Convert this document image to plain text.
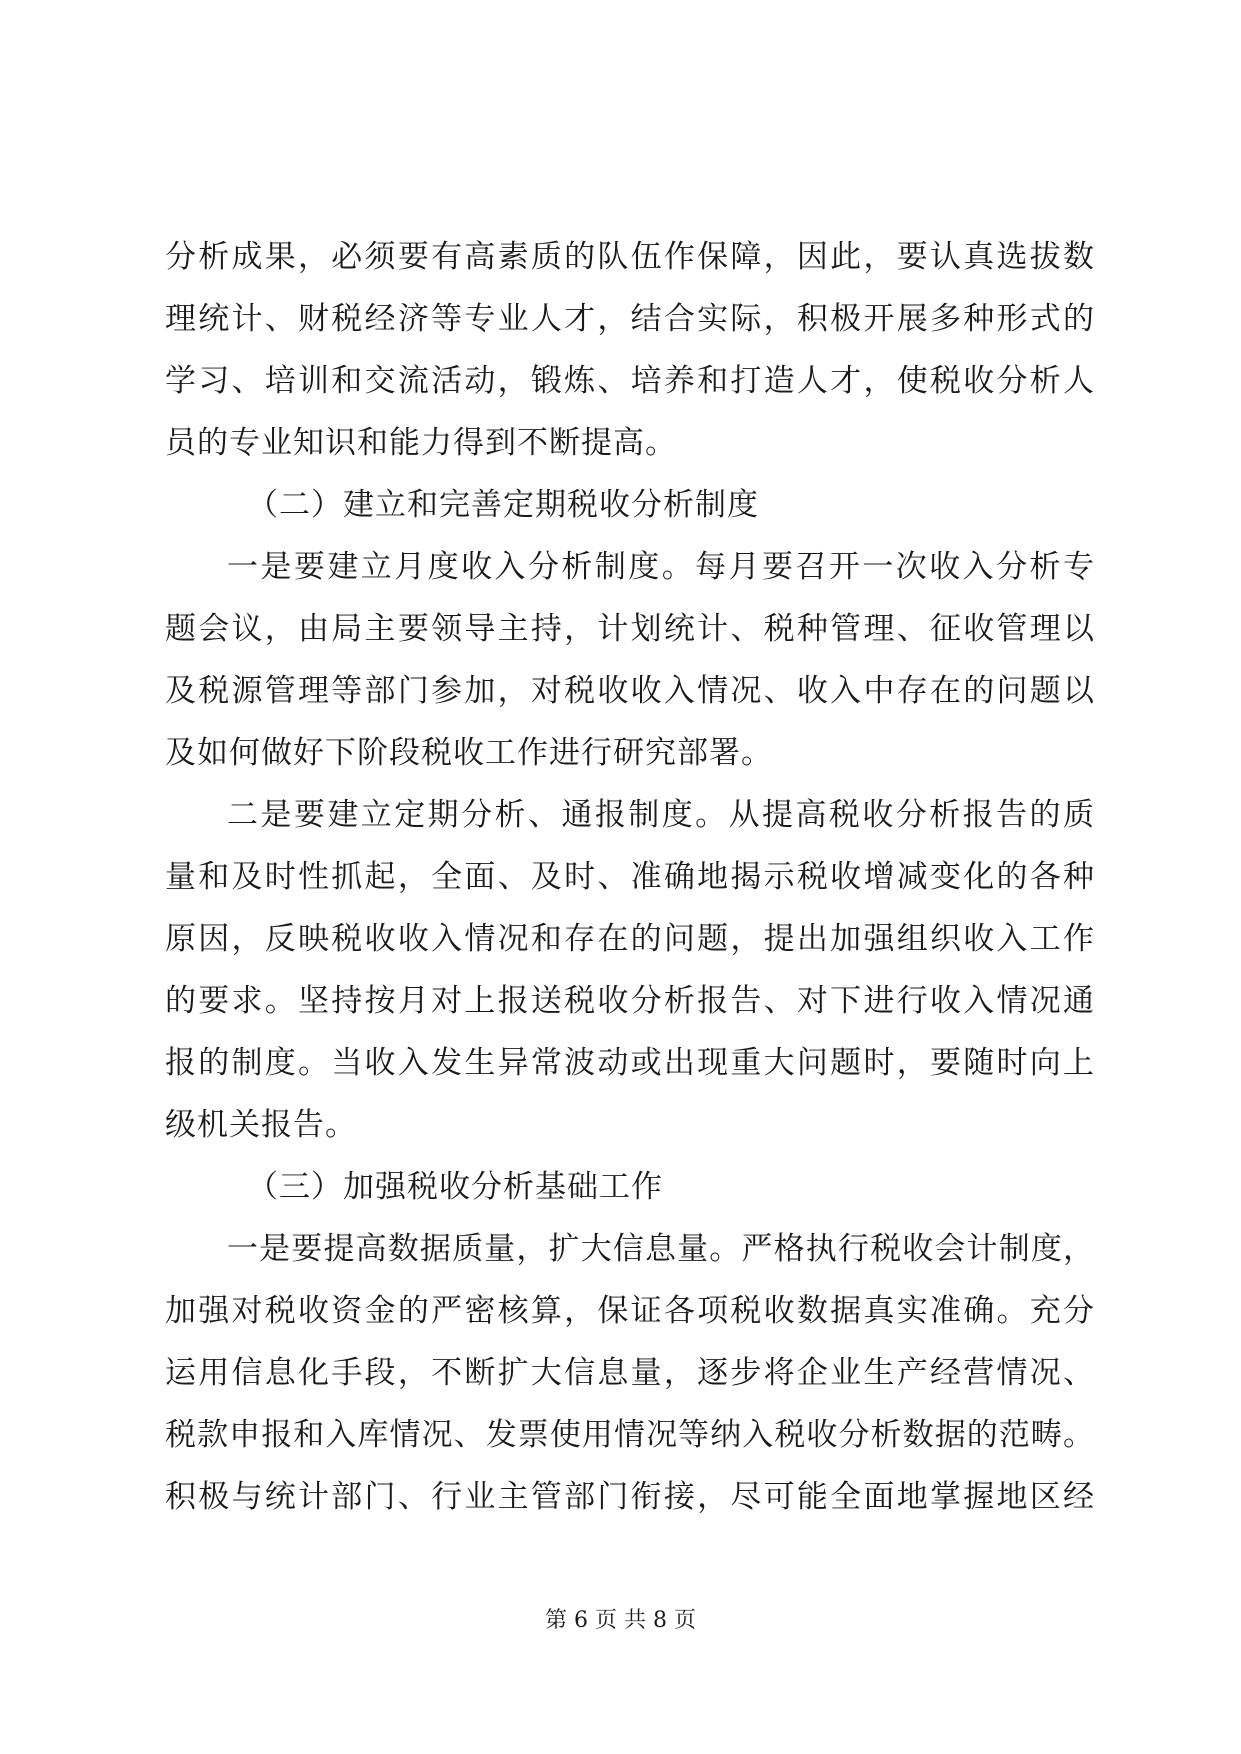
分析成果，必须要有高素质的队伍作保障，因此，要认真选拔数
理统计、财税经济等专业人才，结合实际，积极开展多种形式的
学习、培训和交流活动，锻炼、培养和打造人才，使税收分析人
员的专业知识和能力得到不断提高。
（二）建立和完善定期税收分析制度
一是要建立月度收入分析制度。每月要召开一次收入分析专
题会议，由局主要领导主持，计划统计、税种管理、征收管理以
及税源管理等部门参加，对税收收入情况、收入中存在的问题以
及如何做好下阶段税收工作进行研究部署。
二是要建立定期分析、通报制度。从提高税收分析报告的质
量和及时性抓起，全面、及时、准确地揭示税收增减变化的各种
原因，反映税收收入情况和存在的问题，提出加强组织收入工作
的要求。坚持按月对上报送税收分析报告、对下进行收入情况通
报的制度。当收入发生异常波动或出现重大问题时，要随时向上
级机关报告。
（三）加强税收分析基础工作
一是要提高数据质量，扩大信息量。严格执行税收会计制度，
加强对税收资金的严密核算，保证各项税收数据真实准确。充分
运用信息化手段，不断扩大信息量，逐步将企业生产经营情况、
税款申报和入库情况、发票使用情况等纳入税收分析数据的范畴。
积极与统计部门、行业主管部门衔接，尽可能全面地掌握地区经
第 6 页 共 8 页
